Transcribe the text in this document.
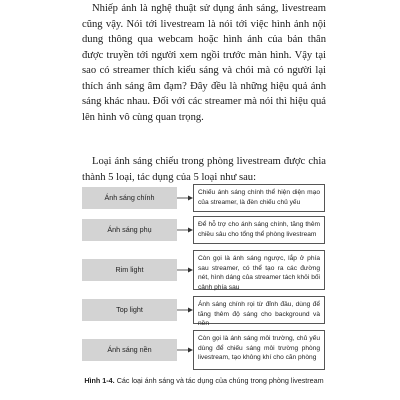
Nhiếp ảnh là nghệ thuật sử dụng ánh sáng, livestream cũng vậy. Nói tới livestream là nói tới việc hình ảnh nội dung thông qua webcam hoặc hình ảnh của bản thân được truyền tới người xem ngồi trước màn hình. Vậy tại sao có streamer thích kiểu sáng và chói mà có người lại thích ánh sáng âm đạm? Đây đều là những hiệu quả ánh sáng khác nhau. Đối với các streamer mà nói thì hiệu quả lên hình vô cùng quan trọng.

Loại ánh sáng chiếu trong phòng livestream được chia thành 5 loại, tác dụng của 5 loại như sau:

Ánh sáng chính
Chiếu ánh sáng chính thể hiện diện mạo của streamer, là đèn chiếu chủ yếu
Ánh sáng phụ
Để hỗ trợ cho ánh sáng chính, tăng thêm chiều sâu cho tổng thể phòng livestream
Rim light
Còn gọi là ánh sáng ngược, lắp ở phía sau streamer, có thể tạo ra các đường nét, hình dáng của streamer tách khỏi bối cảnh phía sau
Top light
Ánh sáng chính rọi từ đỉnh đầu, dùng để tăng thêm độ sáng cho background và nền
Ánh sáng nền
Còn gọi là ánh sáng môi trường, chủ yếu dùng để chiếu sáng môi trường phòng livestream, tạo không khí cho căn phòng
Hình 1-4. Các loại ánh sáng và tác dụng của chúng trong phòng livestream
